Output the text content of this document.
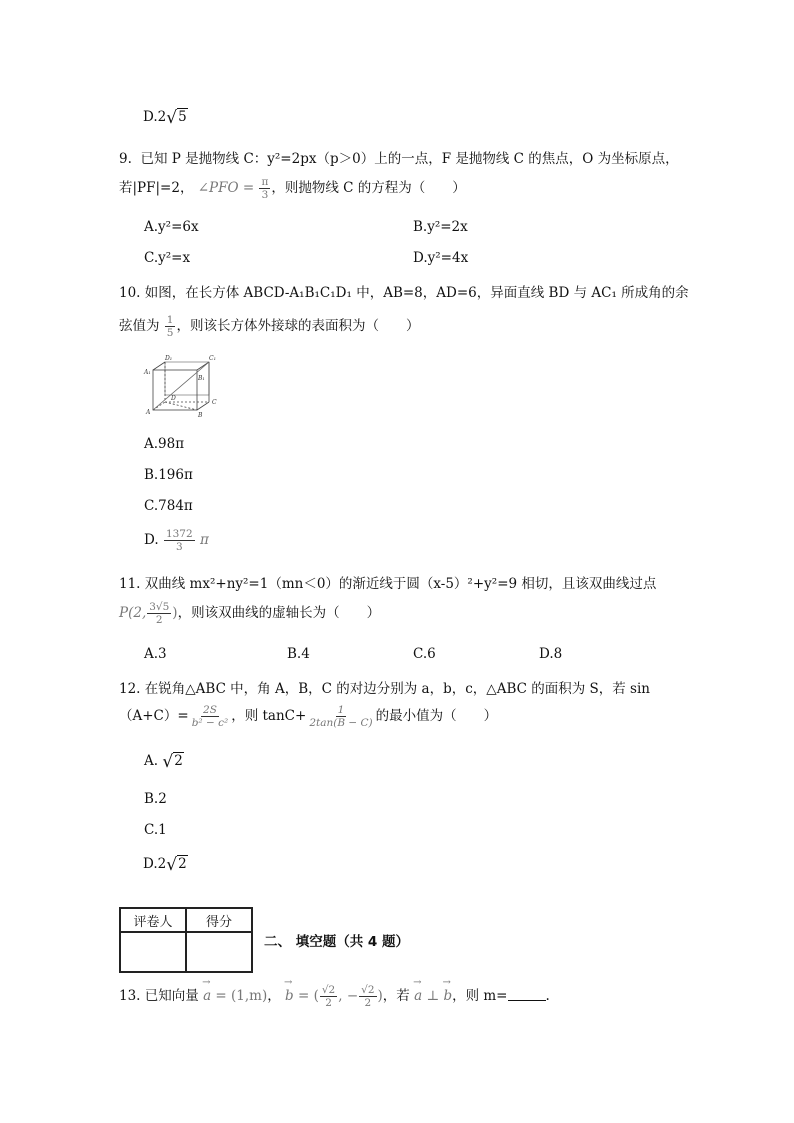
D.2√5
9. 已知 P 是抛物线 C：y²=2px（p＞0）上的一点，F 是抛物线 C 的焦点，O 为坐标原点，
若|PF|=2， ∠PFO = $\frac{\pi}{3}$ ，则抛物线 C 的方程为（　　）
A.y²=6x	B.y²=2x
C.y²=x	D.y²=4x
10. 如图，在长方体 ABCD-A₁B₁C₁D₁ 中，AB=8，AD=6，异面直线 BD 与 AC₁ 所成角的余
弦值为 $\frac{1}{5}$ ，则该长方体外接球的表面积为（　　）
D₁	C₁
A₁
B₁
D
C
A	B
A.98π
B.196π
C.784π
D. $\frac{1372}{3}$ π
11. 双曲线 mx²+ny²=1（mn＜0）的渐近线于圆（x-5）²+y²=9 相切，且该双曲线过点
P(2, $\frac{3√5}{2}$ )，则该双曲线的虚轴长为（　　）
A.3	B.4	C.6	D.8
12. 在锐角△ABC 中，角 A，B，C 的对边分别为 a，b，c，△ABC 的面积为 S，若 sin
$(A+C)= \frac{2S}{\text{b² − c²}}$ ，则 $\tan C+ \frac{1}{2\tan(B - C)}$ 的最小值为（　　）
A. √2
B.2
C.1
D.2√2
评卷人	得分

二、 填空题（共 4 题）
13. 已知向量 → a = (1,m)， → b = ( $\frac{√2}{2}$ , − $\frac{√2}{2}$ )，若 → a ⊥ → b，则 m=	.
